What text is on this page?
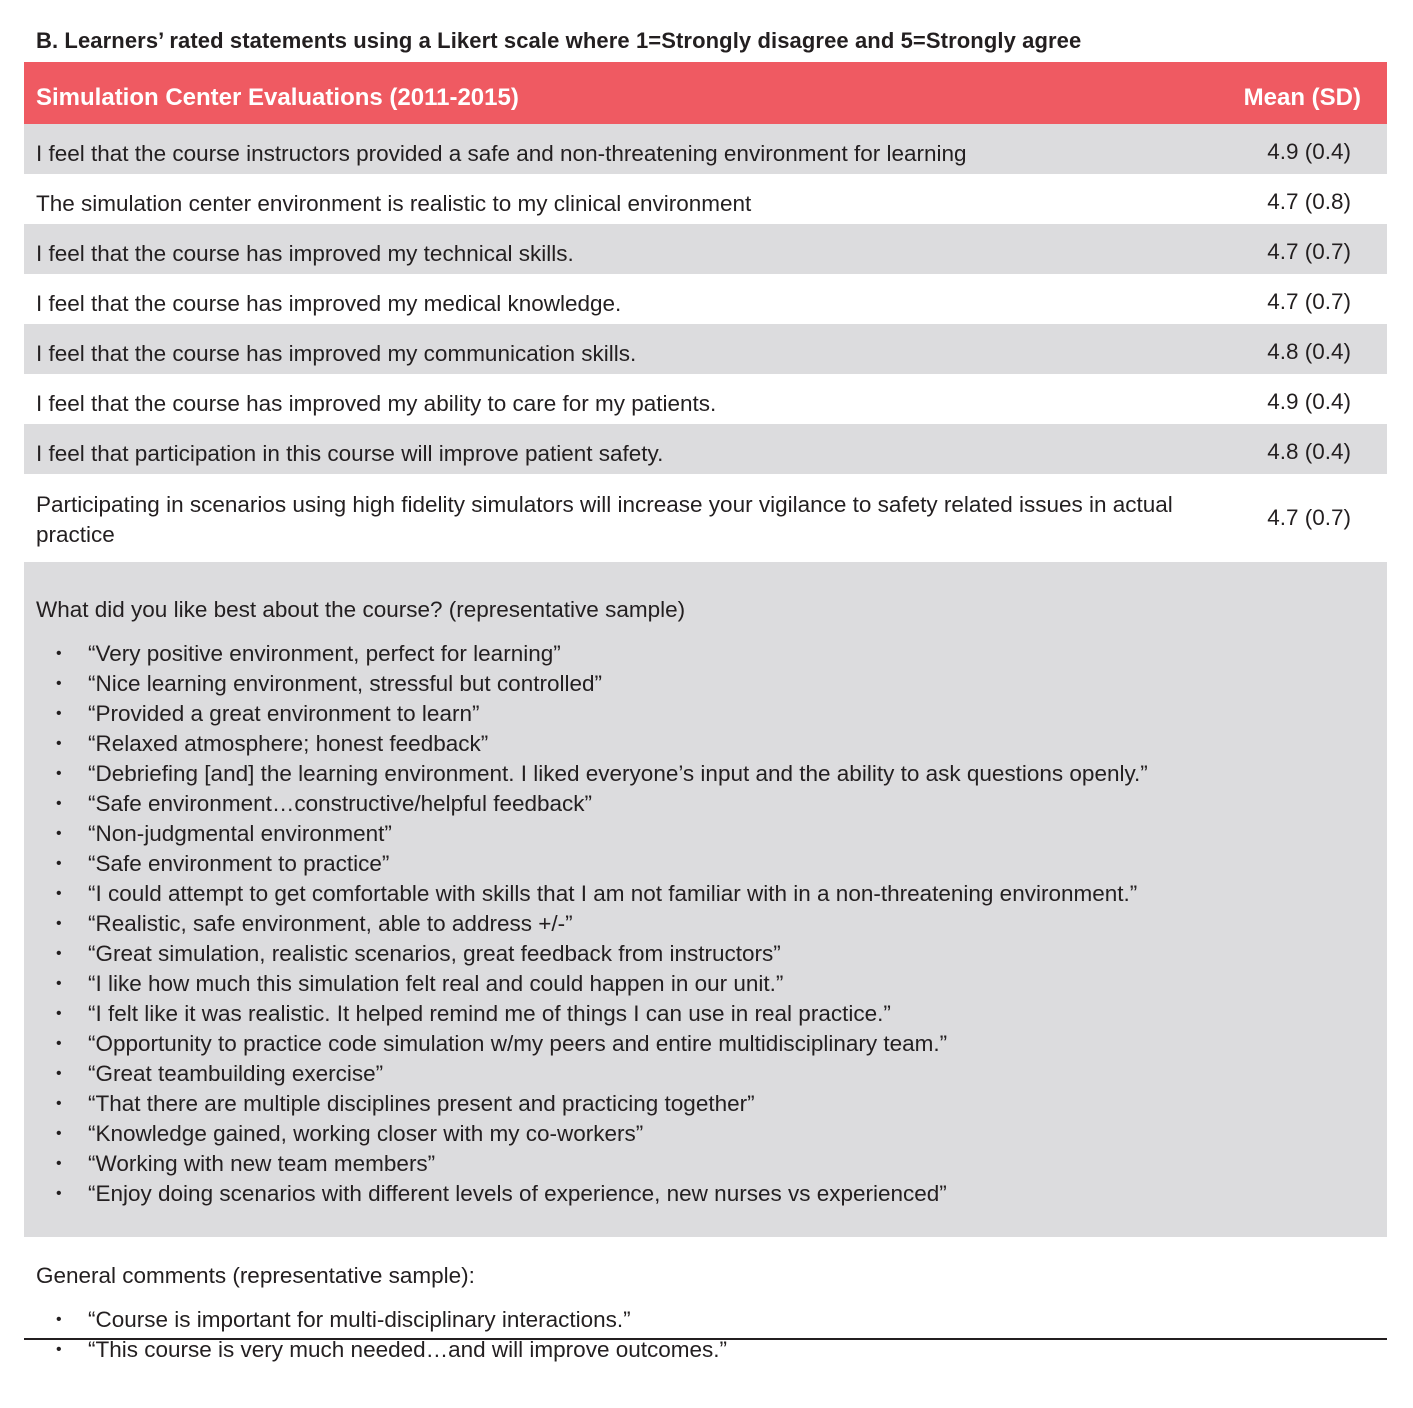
B. Learners’ rated statements using a Likert scale where 1=Strongly disagree and 5=Strongly agree
Simulation Center Evaluations (2011-2015)	Mean (SD)
I feel that the course instructors provided a safe and non-threatening environment for learning	4.9 (0.4)
The simulation center environment is realistic to my clinical environment	4.7 (0.8)
I feel that the course has improved my technical skills.	4.7 (0.7)
I feel that the course has improved my medical knowledge.	4.7 (0.7)
I feel that the course has improved my communication skills.	4.8 (0.4)
I feel that the course has improved my ability to care for my patients.	4.9 (0.4)
I feel that participation in this course will improve patient safety.	4.8 (0.4)
Participating in scenarios using high fidelity simulators will increase your vigilance to safety related issues in actual practice
4.7 (0.7)
What did you like best about the course? (representative sample)
• “Very positive environment, perfect for learning”
• “Nice learning environment, stressful but controlled”
• “Provided a great environment to learn”
• “Relaxed atmosphere; honest feedback”
• “Debriefing [and] the learning environment. I liked everyone’s input and the ability to ask questions openly.”
• “Safe environment…constructive/helpful feedback”
• “Non-judgmental environment”
• “Safe environment to practice”
• “I could attempt to get comfortable with skills that I am not familiar with in a non-threatening environment.”
• “Realistic, safe environment, able to address +/-”
• “Great simulation, realistic scenarios, great feedback from instructors”
• “I like how much this simulation felt real and could happen in our unit.”
• “I felt like it was realistic. It helped remind me of things I can use in real practice.”
• “Opportunity to practice code simulation w/my peers and entire multidisciplinary team.”
• “Great teambuilding exercise”
• “That there are multiple disciplines present and practicing together”
• “Knowledge gained, working closer with my co-workers”
• “Working with new team members”
• “Enjoy doing scenarios with different levels of experience, new nurses vs experienced”
General comments (representative sample):
• “Course is important for multi-disciplinary interactions.”
• “This course is very much needed…and will improve outcomes.”
